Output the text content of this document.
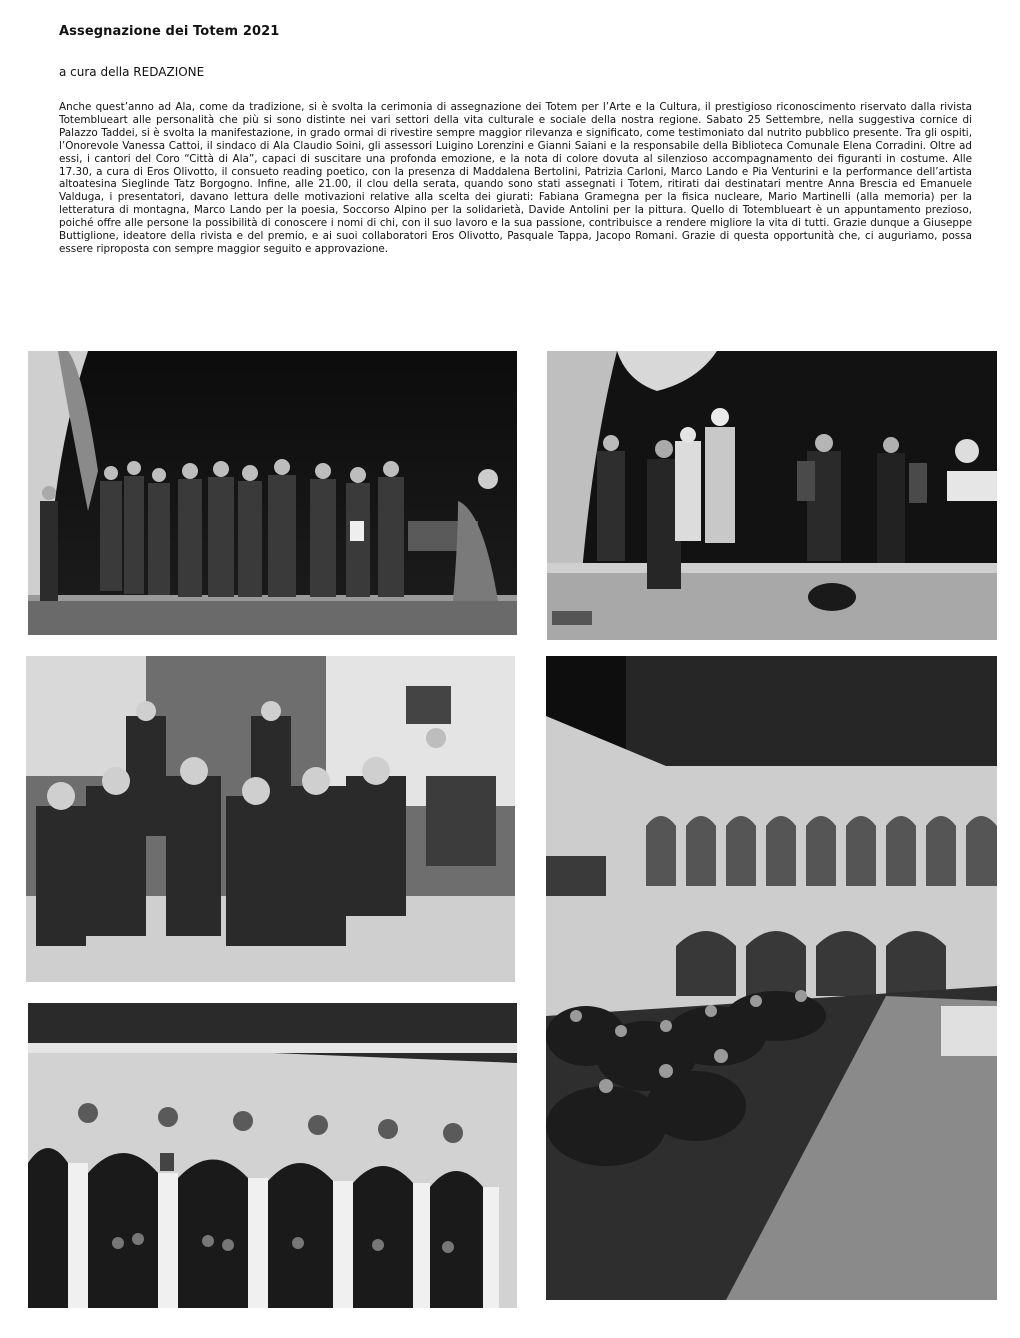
Assegnazione dei Totem 2021
a cura della REDAZIONE

Anche quest’anno ad Ala, come da tradizione, si è svolta la cerimonia di assegnazione dei Totem per l’Arte e la Cultura, il prestigioso riconoscimento riservato dalla rivista Totemblueart alle personalità che più si sono distinte nei vari settori della vita culturale e sociale della nostra regione. Sabato 25 Settembre, nella suggestiva cornice di Palazzo Taddei, si è svolta la manifestazione, in grado ormai di rivestire sempre maggior rilevanza e significato, come testimoniato dal nutrito pubblico presente. Tra gli ospiti, l’Onorevole Vanessa Cattoi, il sindaco di Ala Claudio Soini, gli assessori Luigino Lorenzini e Gianni Saiani e la responsabile della Biblioteca Comunale Elena Corradini. Oltre ad essi, i cantori del Coro “Città di Ala”, capaci di suscitare una profonda emozione, e la nota di colore dovuta al silenzioso accompagnamento dei figuranti in costume. Alle 17.30, a cura di Eros Olivotto, il consueto reading poetico, con la presenza di Maddalena Bertolini, Patrizia Carloni, Marco Lando e Pia Venturini e la performance dell’artista altoatesina Sieglinde Tatz Borgogno. Infine, alle 21.00, il clou della serata, quando sono stati assegnati i Totem, ritirati dai destinatari mentre Anna Brescia ed Emanuele Valduga, i presentatori, davano lettura delle motivazioni relative alla scelta dei giurati: Fabiana Gramegna per la fisica nucleare, Mario Martinelli (alla memoria) per la letteratura di montagna, Marco Lando per la poesia, Soccorso Alpino per la solidarietà, Davide Antolini per la pittura. Quello di Totemblueart è un appuntamento prezioso, poiché offre alle persone la possibilità di conoscere i nomi di chi, con il suo lavoro e la sua passione, contribuisce a rendere migliore la vita di tutti. Grazie dunque a Giuseppe Buttiglione, ideatore della rivista e del premio, e ai suoi collaboratori Eros Olivotto, Pasquale Tappa, Jacopo Romani. Grazie di questa opportunità che, ci auguriamo, possa essere riproposta con sempre maggior seguito e approvazione.
